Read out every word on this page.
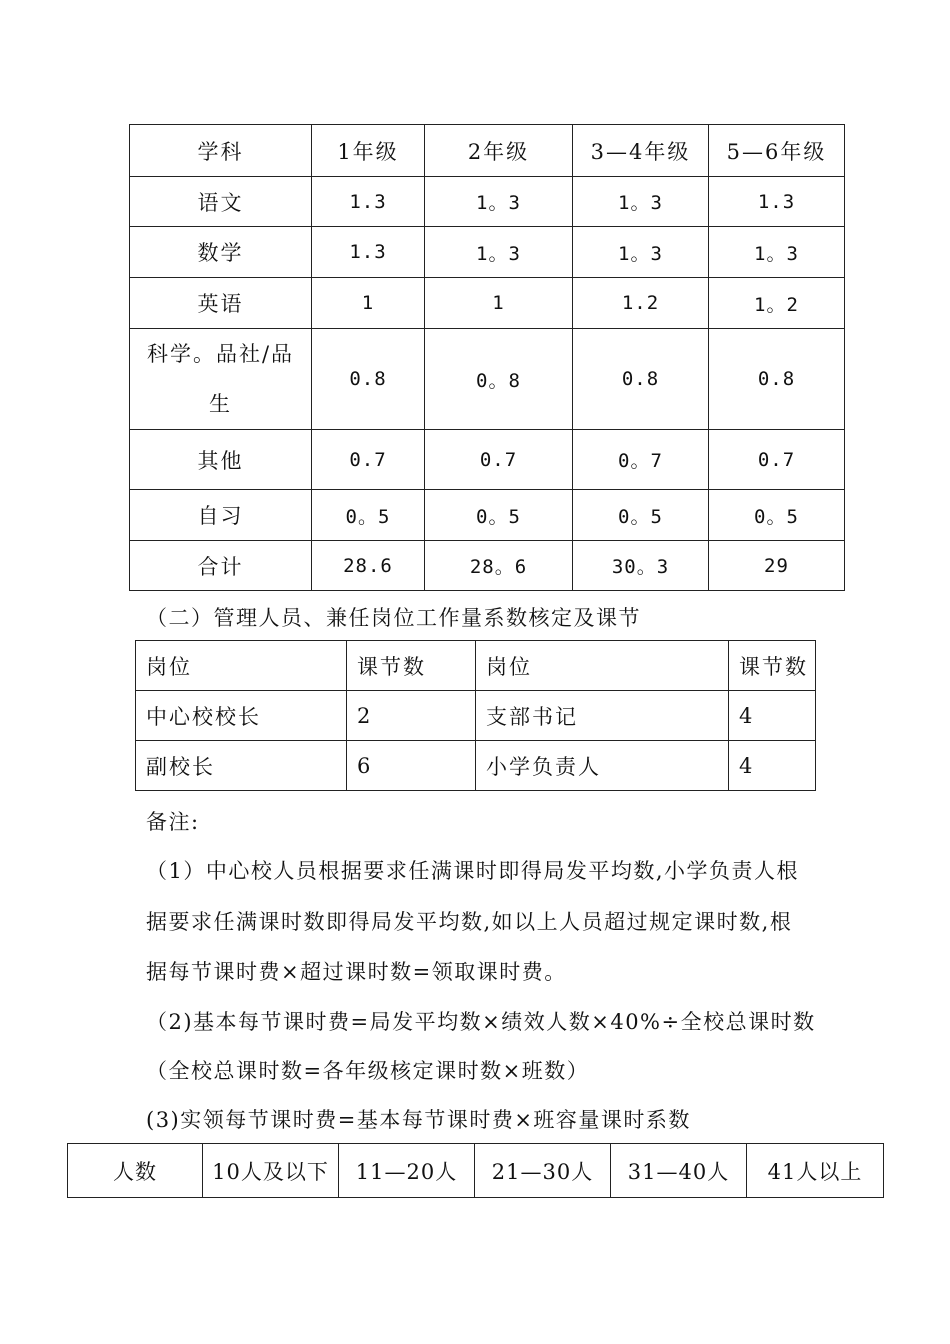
学科	1年级	2年级	3—4年级	5—6年级
语文	1.3	1。3	1。3	1.3
数学	1.3	1。3	1。3	1。3
英语	1	1	1.2	1。2
科学。品社/品生	0.8	0。8	0.8	0.8
其他	0.7	0.7	0。7	0.7
自习	0。5	0。5	0。5	0。5
合计	28.6	28。6	30。3	29
（二）管理人员、兼任岗位工作量系数核定及课节
岗位	课节数	岗位	课节数
中心校校长	2	支部书记	4
副校长	6	小学负责人	4
备注:
（1）中心校人员根据要求任满课时即得局发平均数,小学负责人根
据要求任满课时数即得局发平均数,如以上人员超过规定课时数,根
据每节课时费×超过课时数=领取课时费。
（2)基本每节课时费=局发平均数×绩效人数×40%÷全校总课时数
（全校总课时数=各年级核定课时数×班数）
(3)实领每节课时费=基本每节课时费×班容量课时系数
人数	10人及以下	11—20人	21—30人	31—40人	41人以上
